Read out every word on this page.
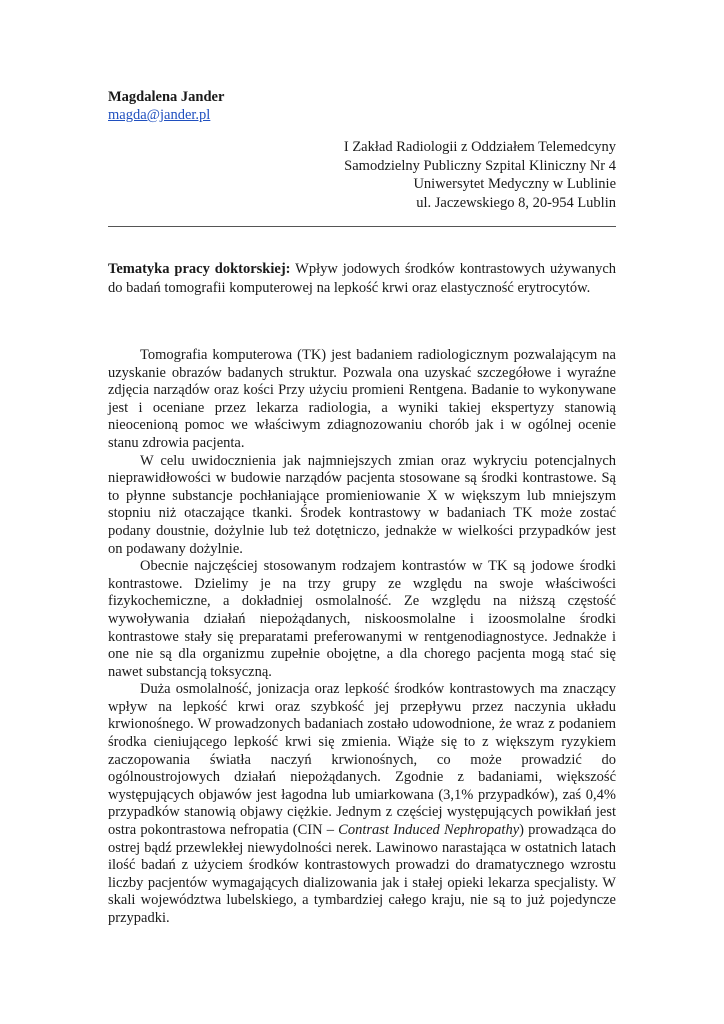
Magdalena Jander
magda@jander.pl
I Zakład Radiologii z Oddziałem Telemedcyny
Samodzielny Publiczny Szpital Kliniczny Nr 4
Uniwersytet Medyczny w Lublinie
ul. Jaczewskiego 8, 20-954 Lublin
Tematyka pracy doktorskiej: Wpływ jodowych środków kontrastowych używanych do badań tomografii komputerowej na lepkość krwi oraz elastyczność erytrocytów.

Tomografia komputerowa (TK) jest badaniem radiologicznym pozwalającym na uzyskanie obrazów badanych struktur. Pozwala ona uzyskać szczegółowe i wyraźne zdjęcia narządów oraz kości Przy użyciu promieni Rentgena. Badanie to wykonywane jest i oceniane przez lekarza radiologia, a wyniki takiej ekspertyzy stanowią nieocenioną pomoc we właściwym zdiagnozowaniu chorób jak i w ogólnej ocenie stanu zdrowia pacjenta.

W celu uwidocznienia jak najmniejszych zmian oraz wykryciu potencjalnych nieprawidłowości w budowie narządów pacjenta stosowane są środki kontrastowe. Są to płynne substancje pochłaniające promieniowanie X w większym lub mniejszym stopniu niż otaczające tkanki. Środek kontrastowy w badaniach TK może zostać podany doustnie, dożylnie lub też dotętniczo, jednakże w wielkości przypadków jest on podawany dożylnie.

Obecnie najczęściej stosowanym rodzajem kontrastów w TK są jodowe środki kontrastowe. Dzielimy je na trzy grupy ze względu na swoje właściwości fizykochemiczne, a dokładniej osmolalność. Ze względu na niższą częstość wywoływania działań niepożądanych, niskoosmolalne i izoosmolalne środki kontrastowe stały się preparatami preferowanymi w rentgenodiagnostyce. Jednakże i one nie są dla organizmu zupełnie obojętne, a dla chorego pacjenta mogą stać się nawet substancją toksyczną.

Duża osmolalność, jonizacja oraz lepkość środków kontrastowych ma znaczący wpływ na lepkość krwi oraz szybkość jej przepływu przez naczynia układu krwionośnego. W prowadzonych badaniach zostało udowodnione, że wraz z podaniem środka cieniującego lepkość krwi się zmienia. Wiąże się to z większym ryzykiem zaczopowania światła naczyń krwionośnych, co może prowadzić do ogólnoustrojowych działań niepożądanych. Zgodnie z badaniami, większość występujących objawów jest łagodna lub umiarkowana (3,1% przypadków), zaś 0,4% przypadków stanowią objawy ciężkie. Jednym z częściej występujących powikłań jest ostra pokontrastowa nefropatia (CIN – Contrast Induced Nephropathy) prowadząca do ostrej bądź przewlekłej niewydolności nerek. Lawinowo narastająca w ostatnich latach ilość badań z użyciem środków kontrastowych prowadzi do dramatycznego wzrostu liczby pacjentów wymagających dializowania jak i stałej opieki lekarza specjalisty. W skali województwa lubelskiego, a tymbardziej całego kraju, nie są to już pojedyncze przypadki.
